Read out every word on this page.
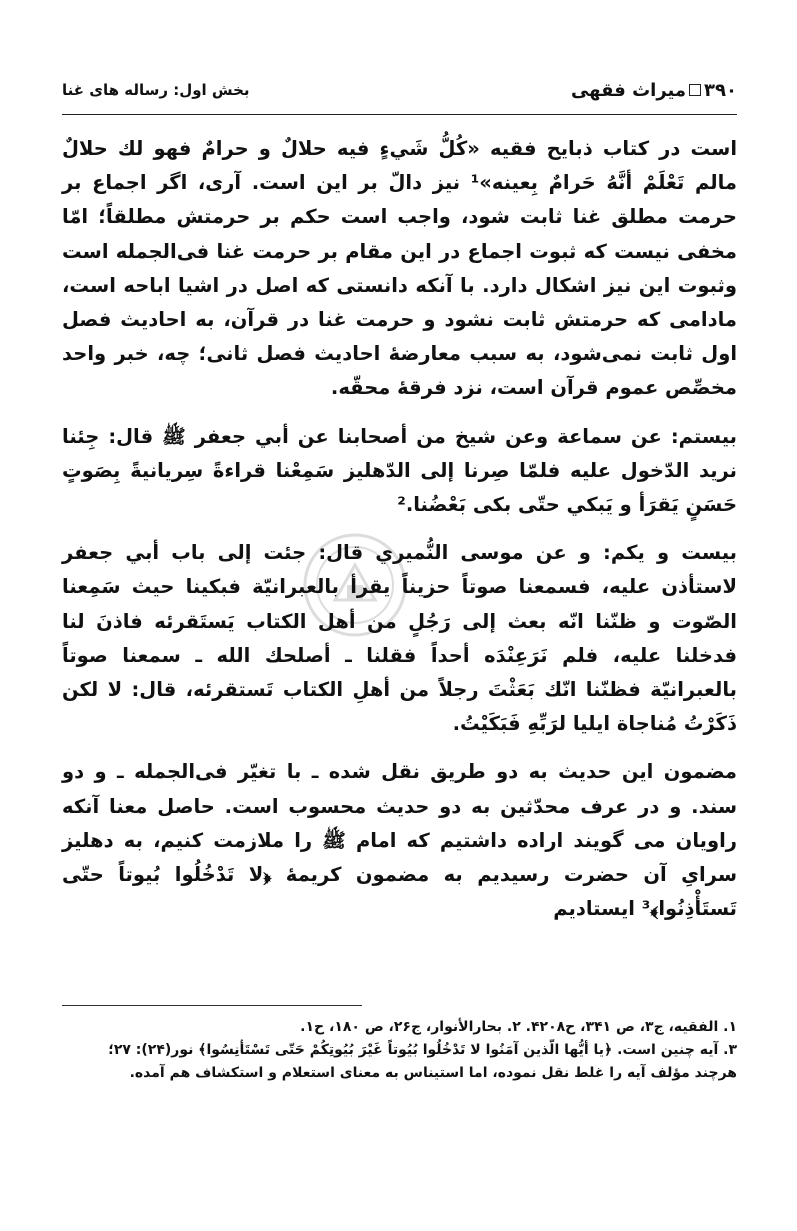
۳۹۰
میراث فقهی
بخش اول: رساله های غنا

است در کتاب ذبایح فقیه «کُلُّ شَيءٍ فیه حلالٌ و حرامٌ فهو لك حلالٌ مالم تَعْلَمْ أنَّهُ حَرامٌ بِعینه»¹ نیز دالّ بر این است. آری، اگر اجماع بر حرمت مطلق غنا ثابت شود، واجب است حکم بر حرمتش مطلقاً؛ امّا مخفی نیست که ثبوت اجماع در این مقام بر حرمت غنا فی‌الجمله است وثبوت این نیز اشکال دارد. با آنکه دانستی که اصل در اشیا اباحه است، مادامی که حرمتش ثابت نشود و حرمت غنا در قرآن، به احادیث فصل اول ثابت نمی‌شود، به سبب معارضهٔ احادیث فصل ثانی؛ چه، خبر واحد مخصِّص عموم قرآن است، نزد فرقهٔ محقّه.

بیستم: عن سماعة وعن شیخ من أصحابنا عن أبي جعفر ﷺ قال: جِئنا نرید الدّخول علیه فلمّا صِرنا إلی الدّهلیز سَمِعْنا قراءةً سِریانیةً بِصَوتٍ حَسَنٍ یَقرَأ و یَبکي حتّی بکی بَعْضُنا.²

بیست و یکم: و عن موسی النُّمیري قال: جئت إلی باب أبي جعفر لاستأذن علیه، فسمعنا صوتاً حزیناً یقرأ بالعبرانیّة فبکینا حیث سَمِعنا الصّوت و ظنّنا انّه بعث إلی رَجُلٍ من أهل الکتاب یَستَقرئه فاذنَ لنا فدخلنا علیه، فلم نَرَعِنْدَه أحداً فقلنا ـ أصلحك الله ـ سمعنا صوتاً بالعبرانیّة فظنّنا انّك بَعَثْتَ رجلاً من أهلِ الکتاب تَستقرئه، قال: لا لکن ذَکَرْتُ مُناجاة ایلیا لرَبِّهِ فَبَکَیْتُ.

مضمون این حدیث به دو طریق نقل شده ـ با تغیّر فی‌الجمله ـ و دو سند. و در عرف محدّثین به دو حدیث محسوب است. حاصل معنا آنکه راویان می گویند اراده داشتیم که امام ﷺ را ملازمت کنیم، به دهلیز سرایِ آن حضرت رسیدیم به مضمون کریمهٔ ﴿لا تَدْخُلُوا بُیوتاً حتّی تَستَأْذِنُوا﴾³ ایستادیم

۱. الفقیه، ج۳، ص ۳۴۱، ح۴۲۰۸. ۲. بحارالأنوار، ج۲۶، ص ۱۸۰، ح۱.
۳. آیه چنین است. ﴿یا أیُّها الّذین آمَنُوا لا تَدْخُلُوا بُیُوتاً غَیْرَ بُیُوتِکُمْ حَتّی تَسْتَأْنِسُوا﴾ نور(۲۴): ۲۷؛
هرچند مؤلف آیه را غلط نقل نموده، اما استیناس به معنای استعلام و استکشاف هم آمده.
